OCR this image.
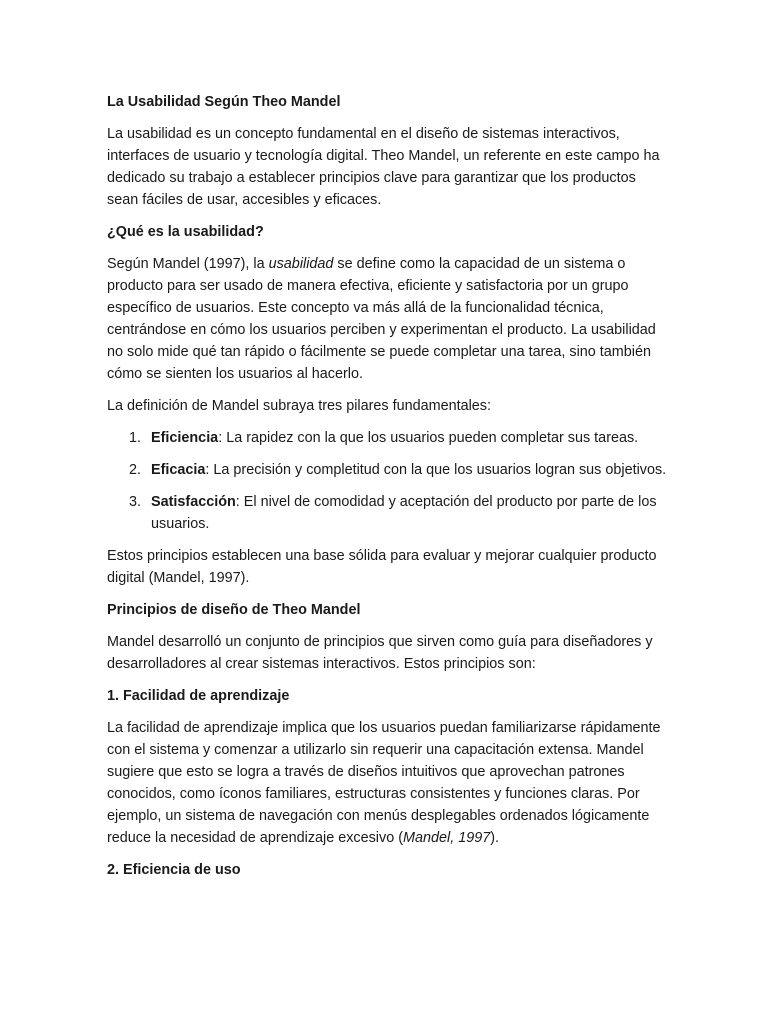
La Usabilidad Según Theo Mandel
La usabilidad es un concepto fundamental en el diseño de sistemas interactivos, interfaces de usuario y tecnología digital. Theo Mandel, un referente en este campo ha dedicado su trabajo a establecer principios clave para garantizar que los productos sean fáciles de usar, accesibles y eficaces.
¿Qué es la usabilidad?
Según Mandel (1997), la usabilidad se define como la capacidad de un sistema o producto para ser usado de manera efectiva, eficiente y satisfactoria por un grupo específico de usuarios. Este concepto va más allá de la funcionalidad técnica, centrándose en cómo los usuarios perciben y experimentan el producto. La usabilidad no solo mide qué tan rápido o fácilmente se puede completar una tarea, sino también cómo se sienten los usuarios al hacerlo.
La definición de Mandel subraya tres pilares fundamentales:
1. Eficiencia: La rapidez con la que los usuarios pueden completar sus tareas.
2. Eficacia: La precisión y completitud con la que los usuarios logran sus objetivos.
3. Satisfacción: El nivel de comodidad y aceptación del producto por parte de los usuarios.
Estos principios establecen una base sólida para evaluar y mejorar cualquier producto digital (Mandel, 1997).
Principios de diseño de Theo Mandel
Mandel desarrolló un conjunto de principios que sirven como guía para diseñadores y desarrolladores al crear sistemas interactivos. Estos principios son:
1. Facilidad de aprendizaje
La facilidad de aprendizaje implica que los usuarios puedan familiarizarse rápidamente con el sistema y comenzar a utilizarlo sin requerir una capacitación extensa. Mandel sugiere que esto se logra a través de diseños intuitivos que aprovechan patrones conocidos, como íconos familiares, estructuras consistentes y funciones claras. Por ejemplo, un sistema de navegación con menús desplegables ordenados lógicamente reduce la necesidad de aprendizaje excesivo (Mandel, 1997).
2. Eficiencia de uso
